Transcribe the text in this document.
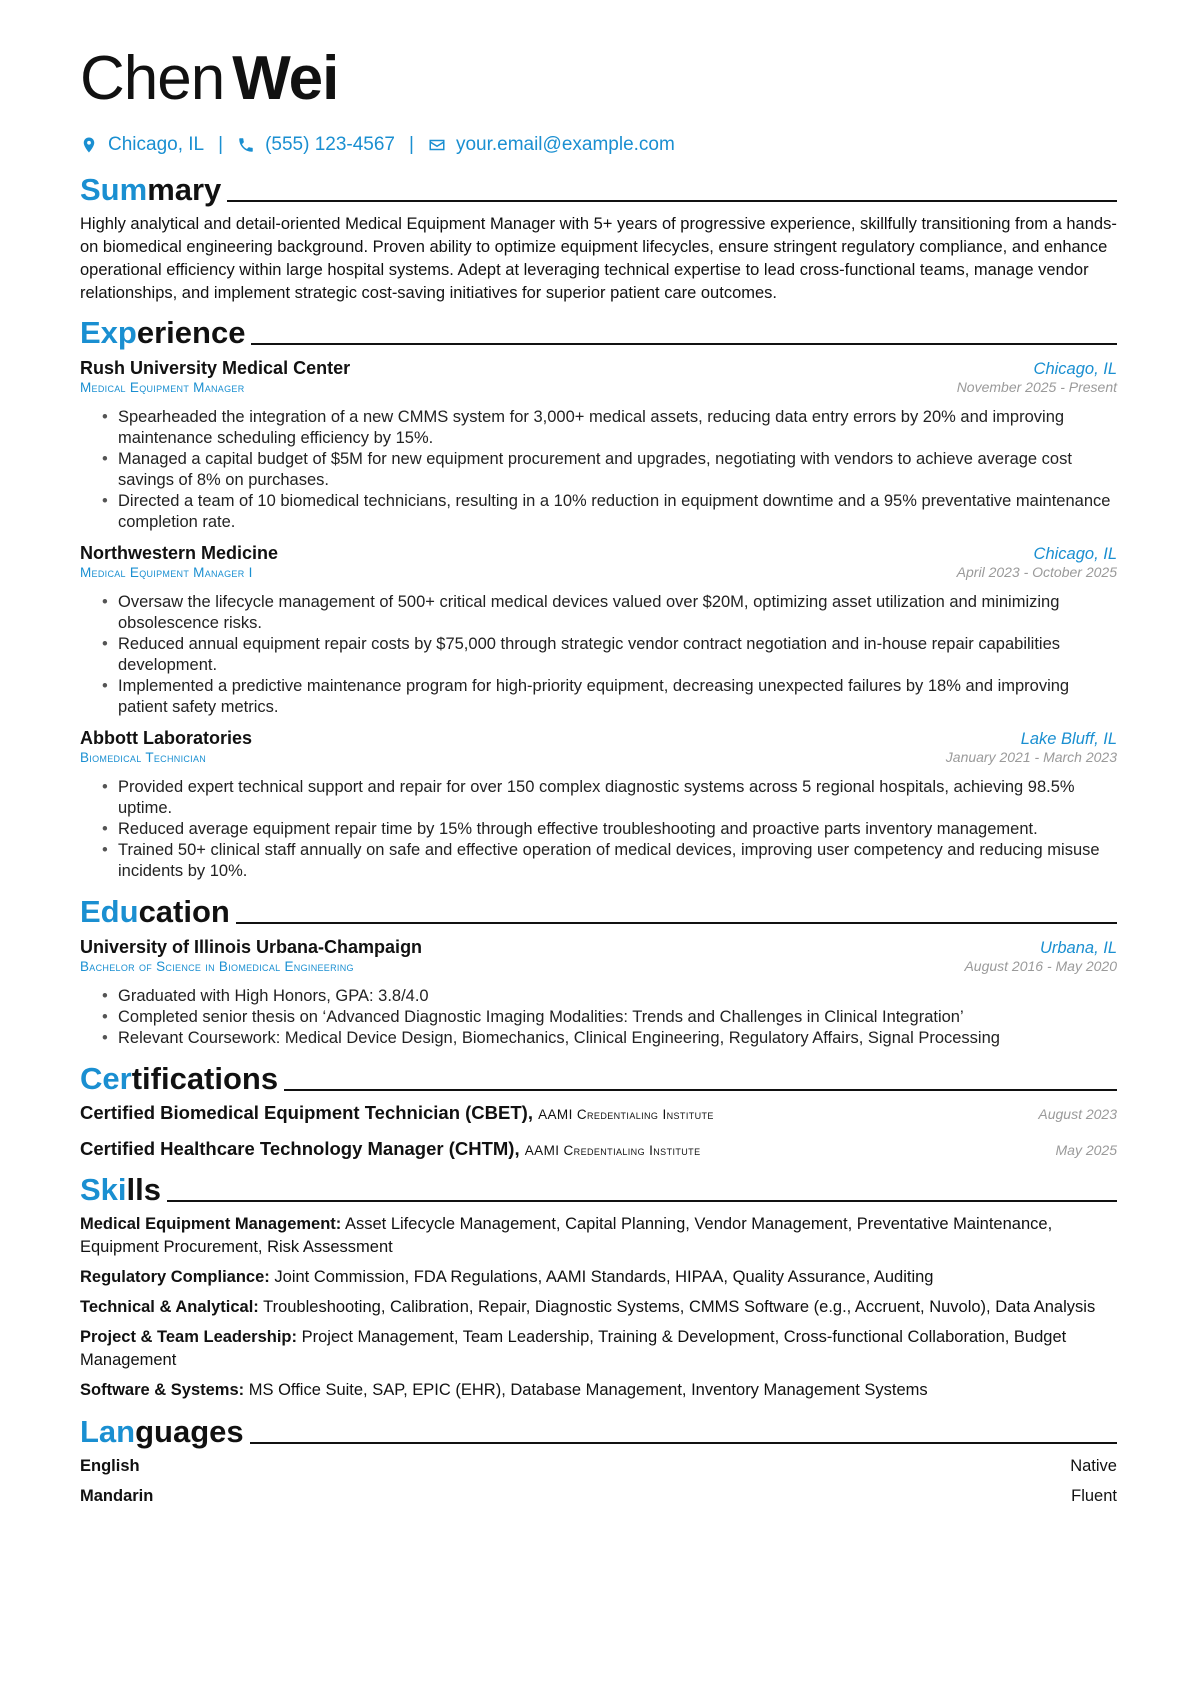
Chen Wei
Chicago, IL | (555) 123-4567 | your.email@example.com
Summary
Highly analytical and detail-oriented Medical Equipment Manager with 5+ years of progressive experience, skillfully transitioning from a hands-on biomedical engineering background. Proven ability to optimize equipment lifecycles, ensure stringent regulatory compliance, and enhance operational efficiency within large hospital systems. Adept at leveraging technical expertise to lead cross-functional teams, manage vendor relationships, and implement strategic cost-saving initiatives for superior patient care outcomes.
Experience
Rush University Medical Center	Chicago, IL
Medical Equipment Manager	November 2025 - Present
• Spearheaded the integration of a new CMMS system for 3,000+ medical assets, reducing data entry errors by 20% and improving maintenance scheduling efficiency by 15%.
• Managed a capital budget of $5M for new equipment procurement and upgrades, negotiating with vendors to achieve average cost savings of 8% on purchases.
• Directed a team of 10 biomedical technicians, resulting in a 10% reduction in equipment downtime and a 95% preventative maintenance completion rate.
Northwestern Medicine	Chicago, IL
Medical Equipment Manager I	April 2023 - October 2025
• Oversaw the lifecycle management of 500+ critical medical devices valued over $20M, optimizing asset utilization and minimizing obsolescence risks.
• Reduced annual equipment repair costs by $75,000 through strategic vendor contract negotiation and in-house repair capabilities development.
• Implemented a predictive maintenance program for high-priority equipment, decreasing unexpected failures by 18% and improving patient safety metrics.
Abbott Laboratories	Lake Bluff, IL
Biomedical Technician	January 2021 - March 2023
• Provided expert technical support and repair for over 150 complex diagnostic systems across 5 regional hospitals, achieving 98.5% uptime.
• Reduced average equipment repair time by 15% through effective troubleshooting and proactive parts inventory management.
• Trained 50+ clinical staff annually on safe and effective operation of medical devices, improving user competency and reducing misuse incidents by 10%.
Education
University of Illinois Urbana-Champaign	Urbana, IL
Bachelor of Science in Biomedical Engineering	August 2016 - May 2020
• Graduated with High Honors, GPA: 3.8/4.0
• Completed senior thesis on ‘Advanced Diagnostic Imaging Modalities: Trends and Challenges in Clinical Integration’
• Relevant Coursework: Medical Device Design, Biomechanics, Clinical Engineering, Regulatory Affairs, Signal Processing
Certifications
Certified Biomedical Equipment Technician (CBET), AAMI Credentialing Institute	August 2023
Certified Healthcare Technology Manager (CHTM), AAMI Credentialing Institute	May 2025
Skills
Medical Equipment Management: Asset Lifecycle Management, Capital Planning, Vendor Management, Preventative Maintenance, Equipment Procurement, Risk Assessment
Regulatory Compliance: Joint Commission, FDA Regulations, AAMI Standards, HIPAA, Quality Assurance, Auditing
Technical & Analytical: Troubleshooting, Calibration, Repair, Diagnostic Systems, CMMS Software (e.g., Accruent, Nuvolo), Data Analysis
Project & Team Leadership: Project Management, Team Leadership, Training & Development, Cross-functional Collaboration, Budget Management
Software & Systems: MS Office Suite, SAP, EPIC (EHR), Database Management, Inventory Management Systems
Languages
English	Native
Mandarin	Fluent
